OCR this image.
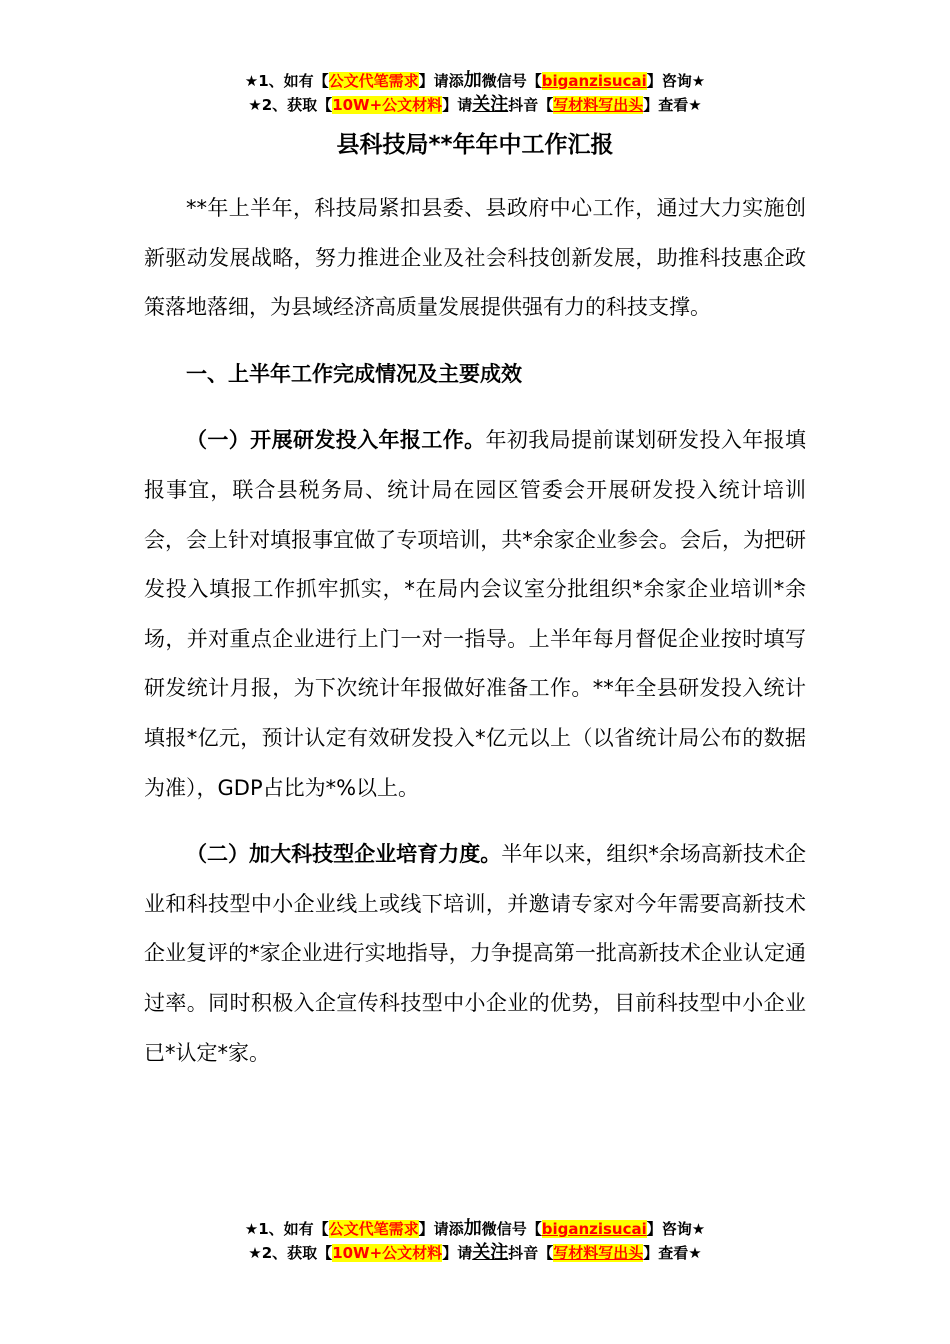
★1、如有【公文代笔需求】请添加微信号【biganzisucai】咨询★
★2、获取【10W+公文材料】请关注抖音【写材料写出头】查看★
县科技局**年年中工作汇报

**年上半年，科技局紧扣县委、县政府中心工作，通过大力实施创新驱动发展战略，努力推进企业及社会科技创新发展，助推科技惠企政策落地落细，为县域经济高质量发展提供强有力的科技支撑。

一、上半年工作完成情况及主要成效

（一）开展研发投入年报工作。年初我局提前谋划研发投入年报填报事宜，联合县税务局、统计局在园区管委会开展研发投入统计培训会，会上针对填报事宜做了专项培训，共*余家企业参会。会后，为把研发投入填报工作抓牢抓实，*在局内会议室分批组织*余家企业培训*余场，并对重点企业进行上门一对一指导。上半年每月督促企业按时填写研发统计月报，为下次统计年报做好准备工作。**年全县研发投入统计填报*亿元，预计认定有效研发投入*亿元以上（以省统计局公布的数据为准），GDP占比为*%以上。

（二）加大科技型企业培育力度。半年以来，组织*余场高新技术企业和科技型中小企业线上或线下培训，并邀请专家对今年需要高新技术企业复评的*家企业进行实地指导，力争提高第一批高新技术企业认定通过率。同时积极入企宣传科技型中小企业的优势，目前科技型中小企业已*认定*家。

★1、如有【公文代笔需求】请添加微信号【biganzisucai】咨询★
★2、获取【10W+公文材料】请关注抖音【写材料写出头】查看★
